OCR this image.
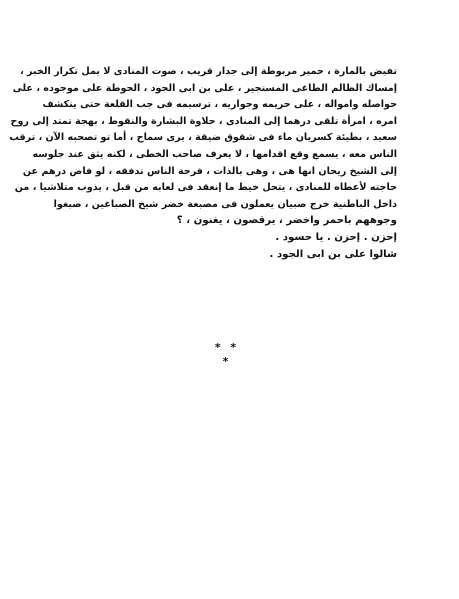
تفيض بالمارة ، حمير مربوطة إلى جدار قريب ، صوت المنادى لا يمل تكرار الخبر ،
إمساك الظالم الطاغى المستجير ، على بن ابى الجود ، الحوطة على موجوده ، على
حواصله وامواله ، على حريمه وجواريه ، ترسيمه فى جب القلعة حتى يتكشف
امره ، امرأة تلقى درهما إلى المنادى ، حلاوة البشارة والنقوط ، بهجة تمتد إلى روح
سعيد ، بطيئة كسريان ماء فى شقوق ضيقة ، يرى سماح ، أما تو تصحبه الآن ، ترقب
الناس معه ، يسمع وقع اقدامها ، لا يعرف صاحب الخطى ، لكنه يثق عند جلوسه
إلى الشيخ ريحان انها هى ، وهى بالذات ، فرحة الناس تدفقه ، لو فاض درهم عن
حاجته لأعطاه للمنادى ، يتحل خيط ما إنعقد فى لعابه من قبل ، يذوب متلاشيا ، من
داخل الباطنية خرج صبيان يعملون فى مصبغة خضر شيخ الصباغين ، صبغوا
وجوههم باحمر واخضر ، يرقصون ، يغنون ، ؟
إحزن . إحزن . يا حسود .
شالوا على بن ابى الجود .
* * *
